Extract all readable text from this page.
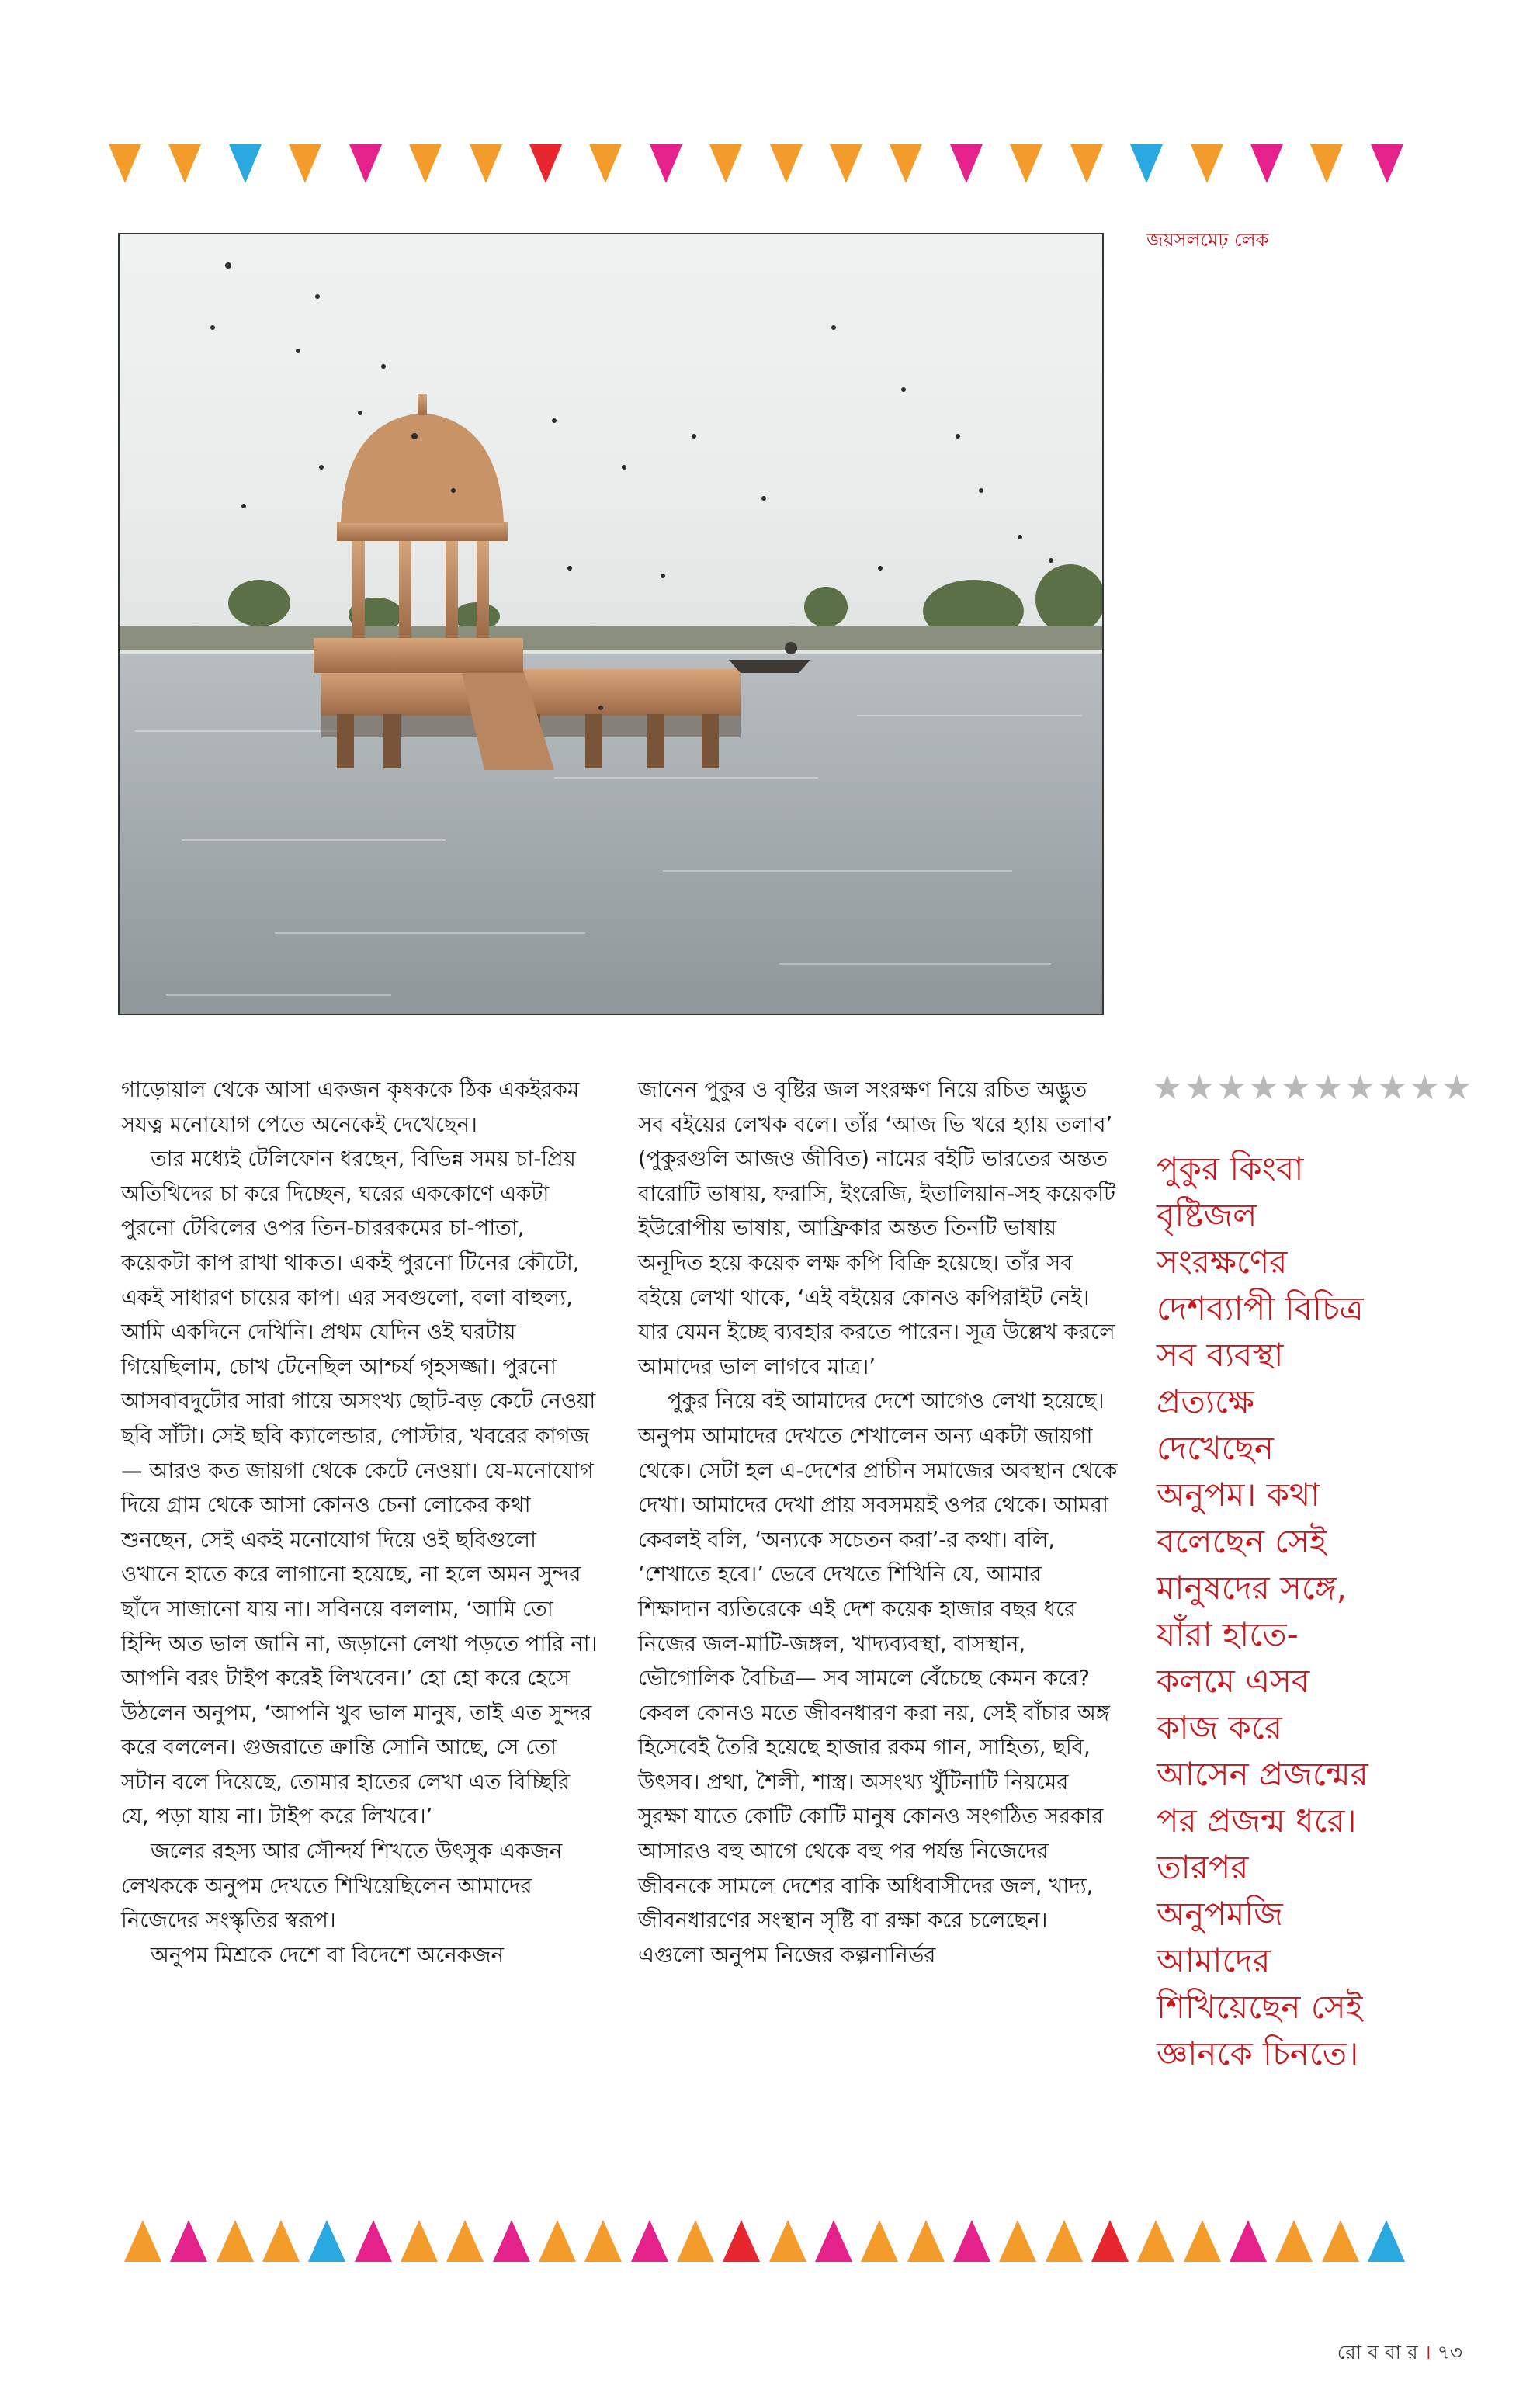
জয়সলমেঢ় লেক

গাড়োয়াল থেকে আসা একজন কৃষককে ঠিক একইরকম সযত্ন মনোযোগ পেতে অনেকেই দেখেছেন।

তার মধ্যেই টেলিফোন ধরছেন, বিভিন্ন সময় চা-প্রিয় অতিথিদের চা করে দিচ্ছেন, ঘরের এককোণে একটা পুরনো টেবিলের ওপর তিন-চাররকমের চা-পাতা, কয়েকটা কাপ রাখা থাকত। একই পুরনো টিনের কৌটো, একই সাধারণ চায়ের কাপ। এর সবগুলো, বলা বাহুল্য, আমি একদিনে দেখিনি। প্রথম যেদিন ওই ঘরটায় গিয়েছিলাম, চোখ টেনেছিল আশ্চর্য গৃহসজ্জা। পুরনো আসবাবদুটোর সারা গায়ে অসংখ্য ছোট-বড় কেটে নেওয়া ছবি সাঁটা। সেই ছবি ক্যালেন্ডার, পোস্টার, খবরের কাগজ— আরও কত জায়গা থেকে কেটে নেওয়া। যে-মনোযোগ দিয়ে গ্রাম থেকে আসা কোনও চেনা লোকের কথা শুনছেন, সেই একই মনোযোগ দিয়ে ওই ছবিগুলো ওখানে হাতে করে লাগানো হয়েছে, না হলে অমন সুন্দর ছাঁদে সাজানো যায় না। সবিনয়ে বললাম, ‘আমি তো হিন্দি অত ভাল জানি না, জড়ানো লেখা পড়তে পারি না। আপনি বরং টাইপ করেই লিখবেন।’ হো হো করে হেসে উঠলেন অনুপম, ‘আপনি খুব ভাল মানুষ, তাই এত সুন্দর করে বললেন। গুজরাতে ক্রান্তি সোনি আছে, সে তো সটান বলে দিয়েছে, তোমার হাতের লেখা এত বিচ্ছিরি যে, পড়া যায় না। টাইপ করে লিখবে।’

জলের রহস্য আর সৌন্দর্য শিখতে উৎসুক একজন লেখককে অনুপম দেখতে শিখিয়েছিলেন আমাদের নিজেদের সংস্কৃতির স্বরূপ।

অনুপম মিশ্রকে দেশে বা বিদেশে অনেকজন

জানেন পুকুর ও বৃষ্টির জল সংরক্ষণ নিয়ে রচিত অদ্ভুত সব বইয়ের লেখক বলে। তাঁর ‘আজ ভি খরে হ্যায় তলাব’ (পুকুরগুলি আজও জীবিত) নামের বইটি ভারতের অন্তত বারোটি ভাষায়, ফরাসি, ইংরেজি, ইতালিয়ান-সহ কয়েকটি ইউরোপীয় ভাষায়, আফ্রিকার অন্তত তিনটি ভাষায় অনূদিত হয়ে কয়েক লক্ষ কপি বিক্রি হয়েছে। তাঁর সব বইয়ে লেখা থাকে, ‘এই বইয়ের কোনও কপিরাইট নেই। যার যেমন ইচ্ছে ব্যবহার করতে পারেন। সূত্র উল্লেখ করলে আমাদের ভাল লাগবে মাত্র।’

পুকুর নিয়ে বই আমাদের দেশে আগেও লেখা হয়েছে। অনুপম আমাদের দেখতে শেখালেন অন্য একটা জায়গা থেকে। সেটা হল এ-দেশের প্রাচীন সমাজের অবস্থান থেকে দেখা। আমাদের দেখা প্রায় সবসময়ই ওপর থেকে। আমরা কেবলই বলি, ‘অন্যকে সচেতন করা’-র কথা। বলি, ‘শেখাতে হবে।’ ভেবে দেখতে শিখিনি যে, আমার শিক্ষাদান ব্যতিরেকে এই দেশ কয়েক হাজার বছর ধরে নিজের জল-মাটি-জঙ্গল, খাদ্যব্যবস্থা, বাসস্থান, ভৌগোলিক বৈচিত্র— সব সামলে বেঁচেছে কেমন করে? কেবল কোনও মতে জীবনধারণ করা নয়, সেই বাঁচার অঙ্গ হিসেবেই তৈরি হয়েছে হাজার রকম গান, সাহিত্য, ছবি, উৎসব। প্রথা, শৈলী, শাস্ত্র। অসংখ্য খুঁটিনাটি নিয়মের সুরক্ষা যাতে কোটি কোটি মানুষ কোনও সংগঠিত সরকার আসারও বহু আগে থেকে বহু পর পর্যন্ত নিজেদের জীবনকে সামলে দেশের বাকি অধিবাসীদের জল, খাদ্য, জীবনধারণের সংস্থান সৃষ্টি বা রক্ষা করে চলেছেন। এগুলো অনুপম নিজের কল্পনানির্ভর

★★★★★★★★★★
পুকুর কিংবা
বৃষ্টিজল
সংরক্ষণের
দেশব্যাপী বিচিত্র
সব ব্যবস্থা
প্রত্যক্ষে
দেখেছেন
অনুপম। কথা
বলেছেন সেই
মানুষদের সঙ্গে,
যাঁরা হাতে-
কলমে এসব
কাজ করে
আসেন প্রজন্মের
পর প্রজন্ম ধরে।
তারপর
অনুপমজি
আমাদের
শিখিয়েছেন সেই
জ্ঞানকে চিনতে।
রো ব বা র । ৭৩
